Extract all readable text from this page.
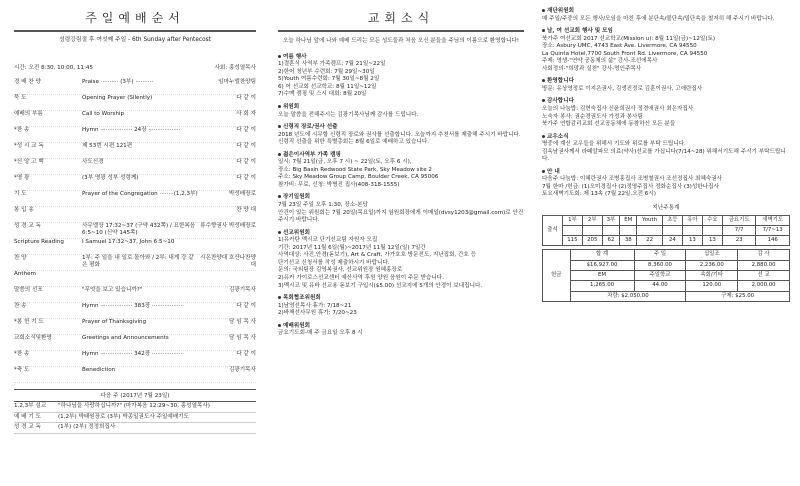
주일예배순서
성령강림절 후 여섯째 주일 - 6th Sunday after Pentecost
시간: 오전 8:30, 10:00, 11:45	사회: 홍성열목사
경 배 찬 양	Praise ·········· (3부) ··········	임마누엘찬양팀
묵 도	Opening Prayer (Silently)	다 같 이
예배의 부름	Call to Worship	사 회 자
*찬 송	Hymn ·················· 24장 ··················	다 같 이
*성 시 교 독	제 53번 시편 121편	다 같 이
*신 앙 고 백	사도신경	다 같 이
*영 광	(3부 영광 성부 성령께)	다 같 이
기 도	Prayer of the Congregation ········(1,2,3부)	박성배장로
봉 입 송	찬 양 대
성 경 교 독	사무엘상 17:32~37 (구약 432쪽) / 요한복음 6:5~10 (신약 145쪽)
류수향권사 박성배장로
Scripture Reading	I Samuel 17:32~37, John 6:5~10
찬 양	1부: 주 일을 내 일로 돌아와 / 2부: 내게 강 같은 평화
시온찬양대 호산나찬양대
Anthem
말씀의 선포	"무엇을 보고 있습니까?"	김광기목사
찬 송	Hymn ·················· 383장 ··················	다 같 이
*봉 헌 기 도	Prayer of Thanksgiving	담 임 목 사
교회소식및환영	Greetings and Announcements	담 임 목 사
*찬 송	Hymn ·················· 342장 ··················	다 같 이
*축 도	Benediction	김광기목사
다음 주 (2017년 7월 23일)
1,2,3부 설교	"하나님을 사랑하십니까?" (마가복음 12:29~30, 홍성열목사)
예 배 기 도	(1,2부) 박태원장로 (3부) 박종일권도사 주일예배기도
성 경 교 독	(1부) (2부) 정정희집사
교회소식
오늘 하나님 앞에 나와 예배 드리는 모든 성도들과 처음 오신 분들을 주님의 이름으로 환영합니다!
여름 행사
1)결혼식 사역부 가족캠프: 7월 21일~22일
2)한어 청년부 수련회: 7월 29일~30일
5)Youth 여름수련회: 7월 30일~8월 2일
6) 어 선교회 선교학교: 8월 11일~12일
7)수맥 캠핑 및 스시 대회: 8월 20일
위원회
오늘 말씀을 전해주시는 김광기목사님께 감사를 드립니다.
신령직 장로/권사 선출
2018 년도에 시무할 신령직 장로와 권사를 선출합니다. 오늘까지 추천서를 제출해 주시기 바랍니다. 신령직 선출을 위한 특별총회는 8월 6일로 예배하고 있습니다.
젊은이사역부 가족 캠핑
일시: 7월 21일(금, 오후 7 시) ~ 22일(토, 오후 6 시),
장소: Big Basin Redwood State Park, Sky Meadow site 2
주소: Sky Meadow Group Camp, Boulder Creek, CA 95006
참가비: 무료, 신청: 박병진 집사(408-318-1555)
장기일원회
7월 23일 주일 오후 1:30, 장소-본당
안건이 있는 위원회는 7월 20일(목요일)까지 임원회장에게 이메일(dvsy1203@gmail.com)로 안건 주시기 바랍니다.
선교위원회
1)유카탄 멕시코 단기선교팀 자원자 모집
기간: 2017년 11월 6일(월)~2017년 11월 12일(일) 7일간
사역대상: 사진,안경(돋보기), Art & Craft, 가가호호 방문전도, 지난집회, 간호 등
단기선교 신청서를 작성 제출하시기 바랍니다.
문의: 국외팀장 김영복권사, 선교위원장 원혜홍장로
2)유카 가이로스선교센터 예산사역 후원 양원 음원이 주문 받습니다.
3)멕시코 및 유바 선교용 돋보기 구입시($5.00) 선교지에 5개의 안경이 보내집니다.
목회협조위원회
1)남영선목사 휴가: 7/18~21
2)바책선사무원 휴가: 7/20~23
예배위원회
금요기도회-매 주 금요일 오후 8 시
재단위원회
매 주일/주중의 모든 행사/모임을 마친 후에 분단속/불단속/밀단속을 철저히 해 주시기 바랍니다.
남, 여 선교회 행사 및 모임
북가주 여선교회 2017 선교학교(Mission u): 8월 11일(금)~12일(토)
장소: Asbury UMC, 4743 East Ave. Livermore, CA 94550
La Quinta Hotel,7700 South Front Rd. Livermore, CA 94550
주제: 영생-"연약 공동체의 삶" 강사-조선에목사
사회정의-"희망과 실천" 강사-명인주목사
환영합니다
방문: 유상영정로 이지은권사, 김생진정로 김훈이권사, 고애란집사
감사합니다
오늘의 나눔밥: 김현숙집사 신윤희권사 정경애권사 최은자집사
노숙자 봉사: 권순경권도사 가정과 봉사팀
북가주 연합감리교회 선교공동체에 동참하신 모든 분들
교우소식
병중에 계신 교우들을 위해서 기도와 위로를 부탁 드립니다.
김옥남권사께서 라떼알파모 의료(약사)선교를 가십니다(7/14~28) 위해서기도해 주시기 부탁드립니다.
안 내
다음주 나눔밥: 이혜란권사 조병홍집사 조병철권사 조선정집사 최혜숙권사
7월 한마 /헌금: (1)오미경집사 (2)정영주집사 정화순집사 (3)성한나집사
토요새벽기도회: 제 13속 (7월 22일,오전 6시)
지난주통계
출석	1부	2부	3부	EM	Youth	초등	유아	수요	금요기도	새벽기도
									7/7	7/7~13
	115	205	62	38	22	24	13	13	23	146
헌금	합 계	주 일	십일조	감 사
	$16,927.00	8,360.00	2,236.00	2,880.00
	EM	주일학교	속회/기타	선 교
	1,265.00	44.00	120.00	2,000.00
	차량: $2,050.00		구제: $25.00	
